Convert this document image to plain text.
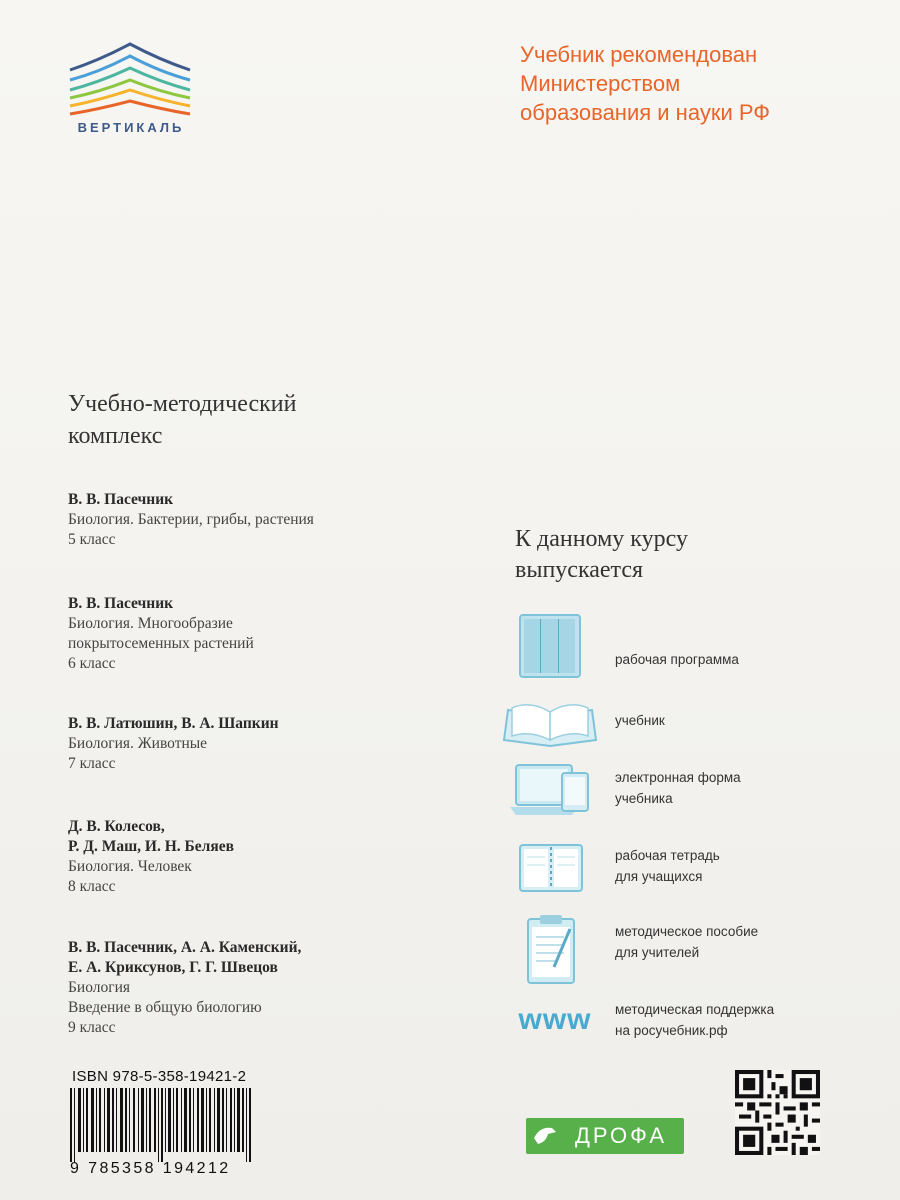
ВЕРТИКАЛЬ
Учебник рекомендован
Министерством
образования и науки РФ
Учебно-методический
комплекс
В. В. Пасечник
Биология. Бактерии, грибы, растения
5 класс
В. В. Пасечник
Биология. Многообразие
покрытосеменных растений
6 класс
В. В. Латюшин, В. А. Шапкин
Биология. Животные
7 класс
Д. В. Колесов,
Р. Д. Маш, И. Н. Беляев
Биология. Человек
8 класс
В. В. Пасечник, А. А. Каменский,
Е. А. Криксунов, Г. Г. Швецов
Биология
Введение в общую биологию
9 класс
К данному курсу
выпускается
рабочая программа
учебник
электронная форма
учебника
рабочая тетрадь
для учащихся
методическое пособие
для учителей
www	методическая поддержка
на росучебник.рф
ISBN 978-5-358-19421-2
9 785358 194212
ДРОФА
